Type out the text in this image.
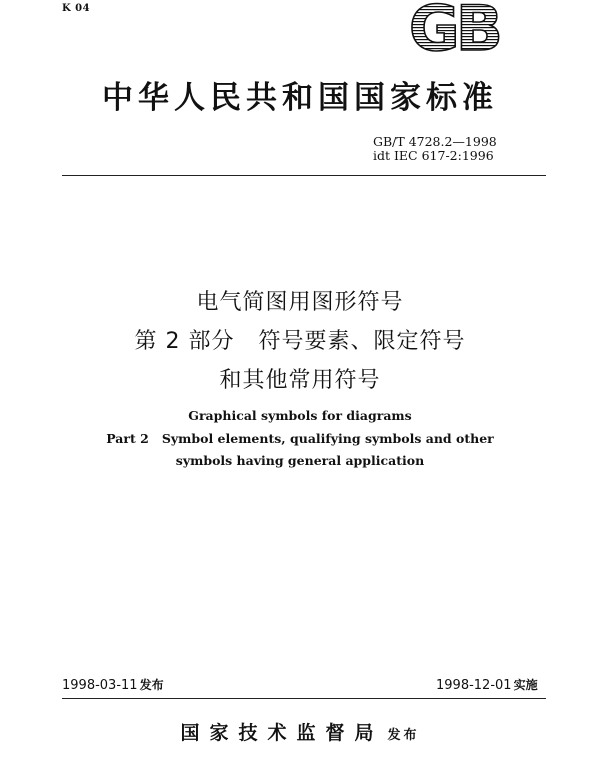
K 04	GB
中华人民共和国国家标准
GB/T 4728.2—1998
idt IEC 617-2:1996
电气简图用图形符号
第 2 部分   符号要素、限定符号
和其他常用符号
Graphical symbols for diagrams
Part 2   Symbol elements, qualifying symbols and other
symbols having general application
1998-03-11 发布	1998-12-01 实施
国家技术监督局 发布
